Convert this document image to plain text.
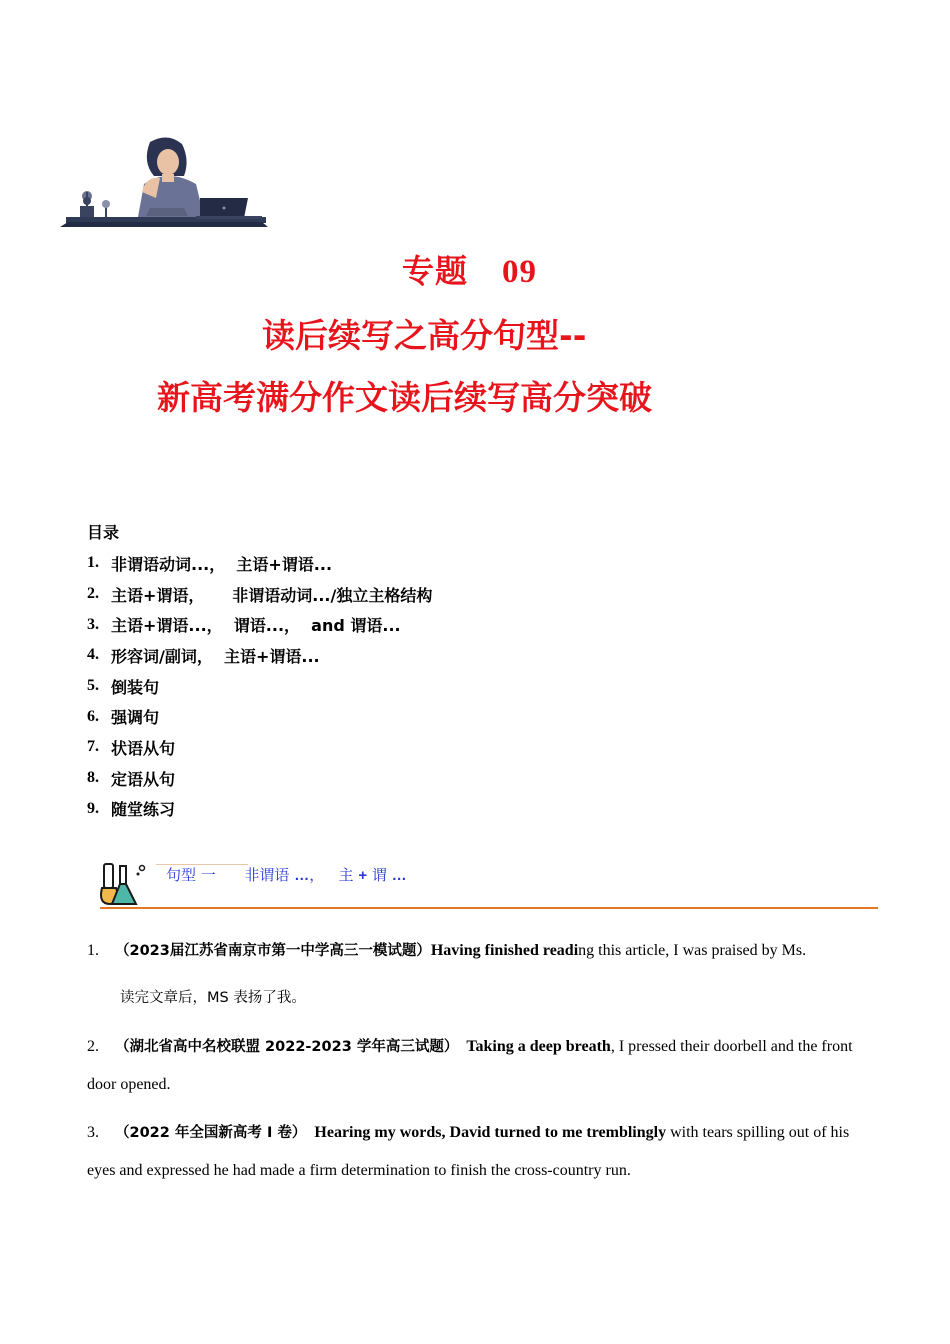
专题 09
读后续写之高分句型--
新高考满分作文读后续写高分突破
目录
1. 非谓语动词...，  主语+谓语...
2. 主语+谓语，     非谓语动词.../独立主格结构
3. 主语+谓语...，  谓语...，  and 谓语...
4. 形容词/副词，  主语+谓语...
5. 倒装句
6. 强调句
7. 状语从句
8. 定语从句
9. 随堂练习
句型 一 非谓语 …， 主 + 谓 …
1. （2023届江苏省南京市第一中学高三一模试题）Having finished reading this article, I was praised by Ms.
读完文章后，MS 表扬了我。
2. （湖北省高中名校联盟 2022-2023 学年高三试题） Taking a deep breath, I pressed their doorbell and the front door opened.
3. （2022 年全国新高考 I 卷） Hearing my words, David turned to me tremblingly with tears spilling out of his eyes and expressed he had made a firm determination to finish the cross-country run.
